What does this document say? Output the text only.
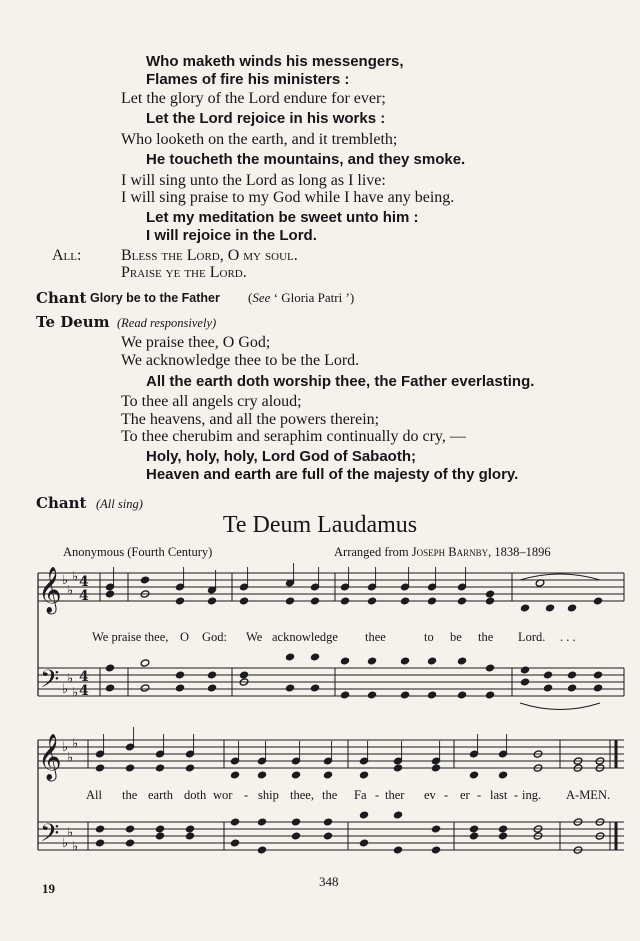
Who maketh winds his messengers,
Flames of fire his ministers :
Let the glory of the Lord endure for ever;
Let the Lord rejoice in his works :
Who looketh on the earth, and it trembleth;
He toucheth the mountains, and they smoke.
I will sing unto the Lord as long as I live:
I will sing praise to my God while I have any being.
Let my meditation be sweet unto him :
I will rejoice in the Lord.
All: Bless the Lord, O my soul.
Praise ye the Lord.
Chant Glory be to the Father (See ‘ Gloria Patri ’)
Te Deum (Read responsively)
We praise thee, O God;
We acknowledge thee to be the Lord.
All the earth doth worship thee, the Father everlasting.
To thee all angels cry aloud;
The heavens, and all the powers therein;
To thee cherubim and seraphim continually do cry, —
Holy, holy, holy, Lord God of Sabaoth;
Heaven and earth are full of the majesty of thy glory.
Chant (All sing)
Te Deum Laudamus
Anonymous (Fourth Century)	Arranged from Joseph Barnby, 1838–1896
𝄞
𝄢
♭
♭
♭
♭
♭
♭
4
4
4
4
𝄞
𝄢
♭
♭
♭
♭
♭
♭
We praise thee, O God: We acknowledge thee	to be the Lord. . . .
All the earth doth wor - ship thee, the Fa - ther ev - er - last - ing. A-MEN.
19	348
